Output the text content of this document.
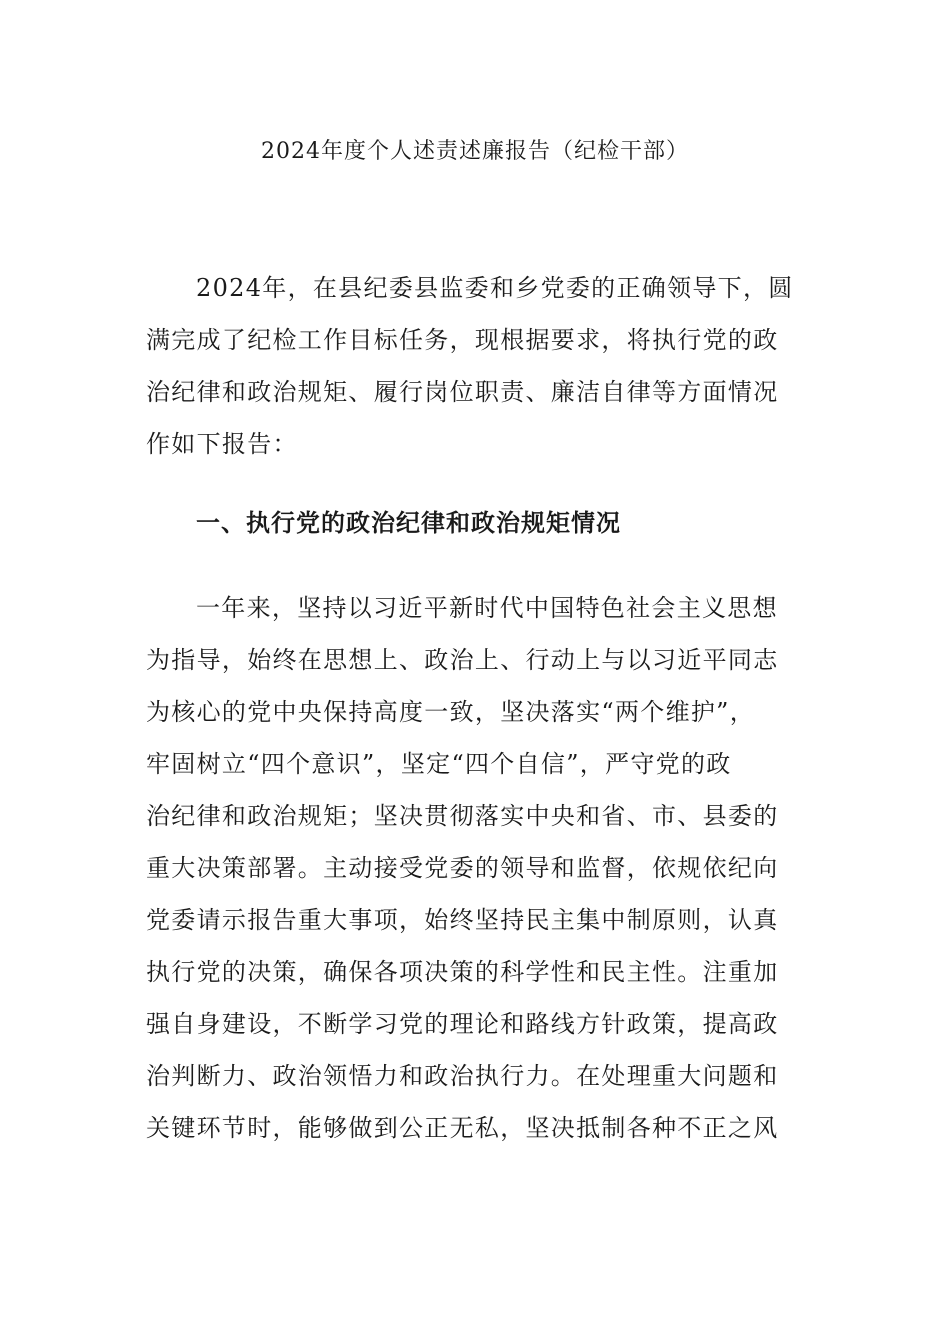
2024年度个人述责述廉报告（纪检干部）
2024年，在县纪委县监委和乡党委的正确领导下，圆
满完成了纪检工作目标任务，现根据要求，将执行党的政
治纪律和政治规矩、履行岗位职责、廉洁自律等方面情况
作如下报告：
一、执行党的政治纪律和政治规矩情况
一年来，坚持以习近平新时代中国特色社会主义思想
为指导，始终在思想上、政治上、行动上与以习近平同志
为核心的党中央保持高度一致，坚决落实“两个维护”，
牢固树立“四个意识”，坚定“四个自信”，严守党的政
治纪律和政治规矩；坚决贯彻落实中央和省、市、县委的
重大决策部署。主动接受党委的领导和监督，依规依纪向
党委请示报告重大事项，始终坚持民主集中制原则，认真
执行党的决策，确保各项决策的科学性和民主性。注重加
强自身建设，不断学习党的理论和路线方针政策，提高政
治判断力、政治领悟力和政治执行力。在处理重大问题和
关键环节时，能够做到公正无私，坚决抵制各种不正之风
